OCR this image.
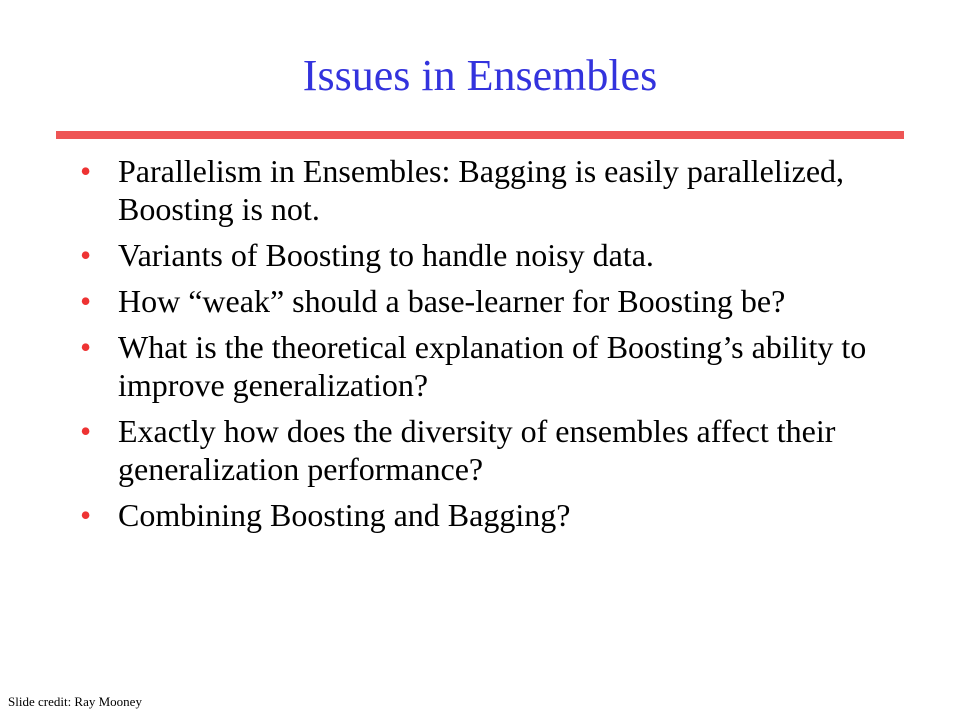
Issues in Ensembles
• Parallelism in Ensembles: Bagging is easily parallelized, Boosting is not.
• Variants of Boosting to handle noisy data.
• How “weak” should a base-learner for Boosting be?
• What is the theoretical explanation of Boosting’s ability to improve generalization?
• Exactly how does the diversity of ensembles affect their generalization performance?
• Combining Boosting and Bagging?
Slide credit: Ray Mooney
